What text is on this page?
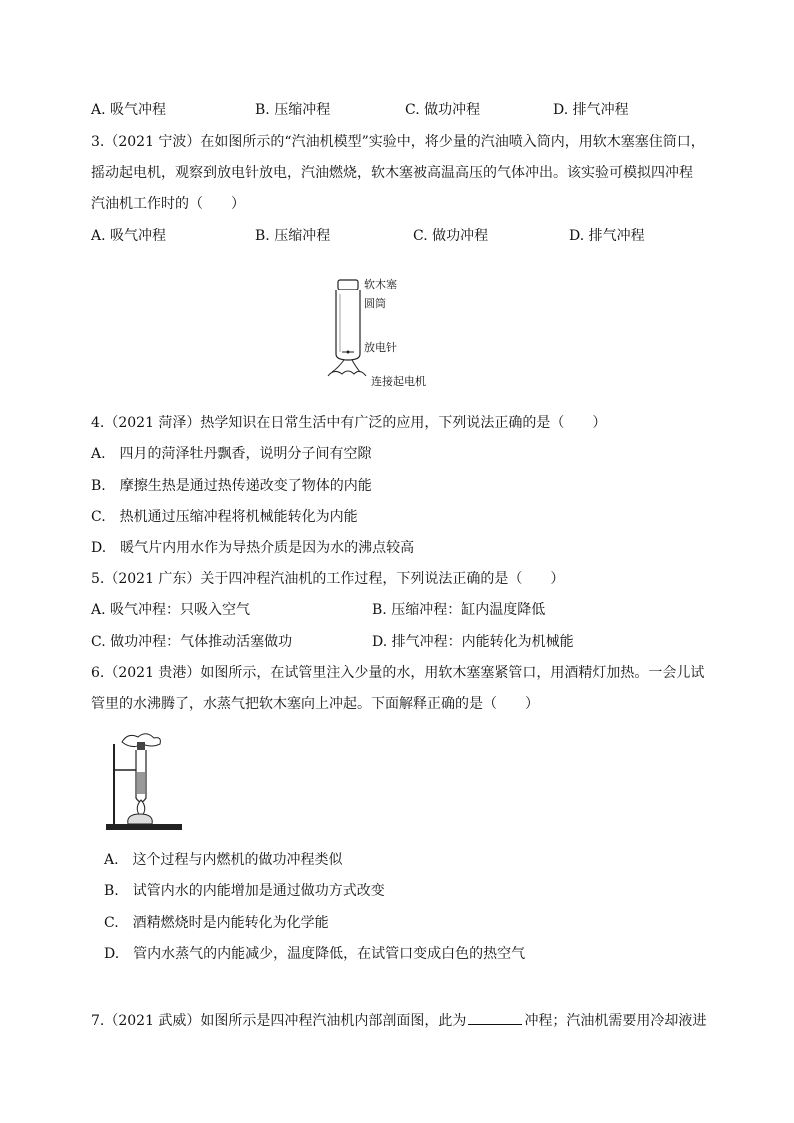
A. 吸气冲程	B. 压缩冲程	C. 做功冲程	D. 排气冲程
3.（2021 宁波）在如图所示的“汽油机模型”实验中，将少量的汽油喷入筒内，用软木塞塞住筒口，
摇动起电机，观察到放电针放电，汽油燃烧，软木塞被高温高压的气体冲出。该实验可模拟四冲程
汽油机工作时的（　　）
A. 吸气冲程	B. 压缩冲程	C. 做功冲程	D. 排气冲程
软木塞
圆筒
放电针
连接起电机
4.（2021 菏泽）热学知识在日常生活中有广泛的应用，下列说法正确的是（　　）
A.　四月的菏泽牡丹飘香，说明分子间有空隙
B.　摩擦生热是通过热传递改变了物体的内能
C.　热机通过压缩冲程将机械能转化为内能
D.　暖气片内用水作为导热介质是因为水的沸点较高
5.（2021 广东）关于四冲程汽油机的工作过程，下列说法正确的是（　　）
A. 吸气冲程：只吸入空气	B. 压缩冲程：缸内温度降低
C. 做功冲程：气体推动活塞做功	D. 排气冲程：内能转化为机械能
6.（2021 贵港）如图所示，在试管里注入少量的水，用软木塞塞紧管口，用酒精灯加热。一会儿试
管里的水沸腾了，水蒸气把软木塞向上冲起。下面解释正确的是（　　）
A.　这个过程与内燃机的做功冲程类似
B.　试管内水的内能增加是通过做功方式改变
C.　酒精燃烧时是内能转化为化学能
D.　管内水蒸气的内能减少，温度降低，在试管口变成白色的热空气
7.（2021 武威）如图所示是四冲程汽油机内部剖面图，此为	冲程；汽油机需要用冷却液进
